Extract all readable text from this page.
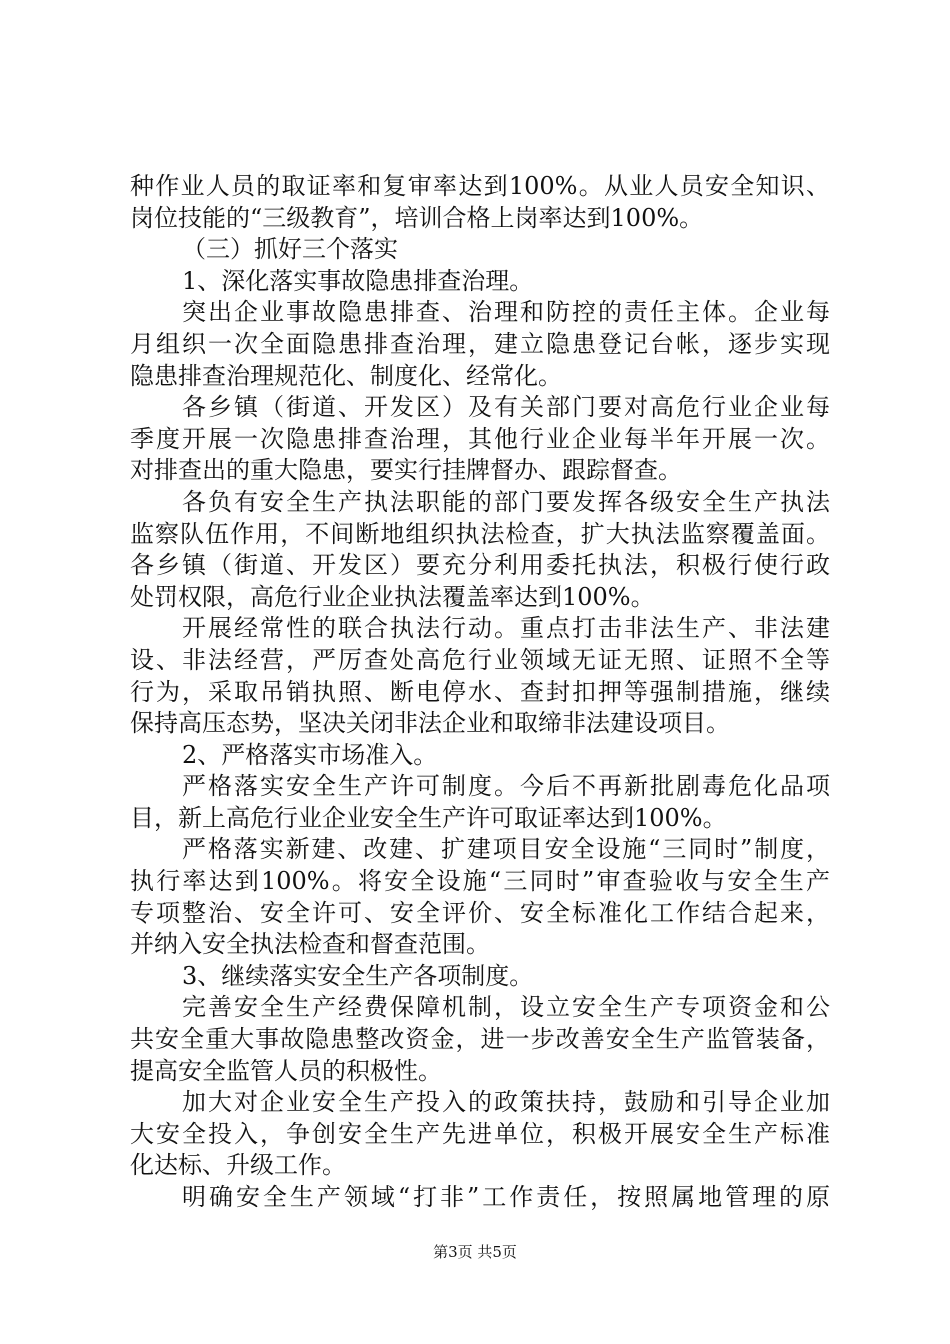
种作业人员的取证率和复审率达到100%。从业人员安全知识、
岗位技能的“三级教育”，培训合格上岗率达到100%。
（三）抓好三个落实
1、深化落实事故隐患排查治理。
突出企业事故隐患排查、治理和防控的责任主体。企业每
月组织一次全面隐患排查治理，建立隐患登记台帐，逐步实现
隐患排查治理规范化、制度化、经常化。
各乡镇（街道、开发区）及有关部门要对高危行业企业每
季度开展一次隐患排查治理，其他行业企业每半年开展一次。
对排查出的重大隐患，要实行挂牌督办、跟踪督查。
各负有安全生产执法职能的部门要发挥各级安全生产执法
监察队伍作用，不间断地组织执法检查，扩大执法监察覆盖面。
各乡镇（街道、开发区）要充分利用委托执法，积极行使行政
处罚权限，高危行业企业执法覆盖率达到100%。
开展经常性的联合执法行动。重点打击非法生产、非法建
设、非法经营，严厉查处高危行业领域无证无照、证照不全等
行为，采取吊销执照、断电停水、查封扣押等强制措施，继续
保持高压态势，坚决关闭非法企业和取缔非法建设项目。
2、严格落实市场准入。
严格落实安全生产许可制度。今后不再新批剧毒危化品项
目，新上高危行业企业安全生产许可取证率达到100%。
严格落实新建、改建、扩建项目安全设施“三同时”制度，
执行率达到100%。将安全设施“三同时”审查验收与安全生产
专项整治、安全许可、安全评价、安全标准化工作结合起来，
并纳入安全执法检查和督查范围。
3、继续落实安全生产各项制度。
完善安全生产经费保障机制，设立安全生产专项资金和公
共安全重大事故隐患整改资金，进一步改善安全生产监管装备，
提高安全监管人员的积极性。
加大对企业安全生产投入的政策扶持，鼓励和引导企业加
大安全投入，争创安全生产先进单位，积极开展安全生产标准
化达标、升级工作。
明确安全生产领域“打非”工作责任，按照属地管理的原
第3页 共5页
